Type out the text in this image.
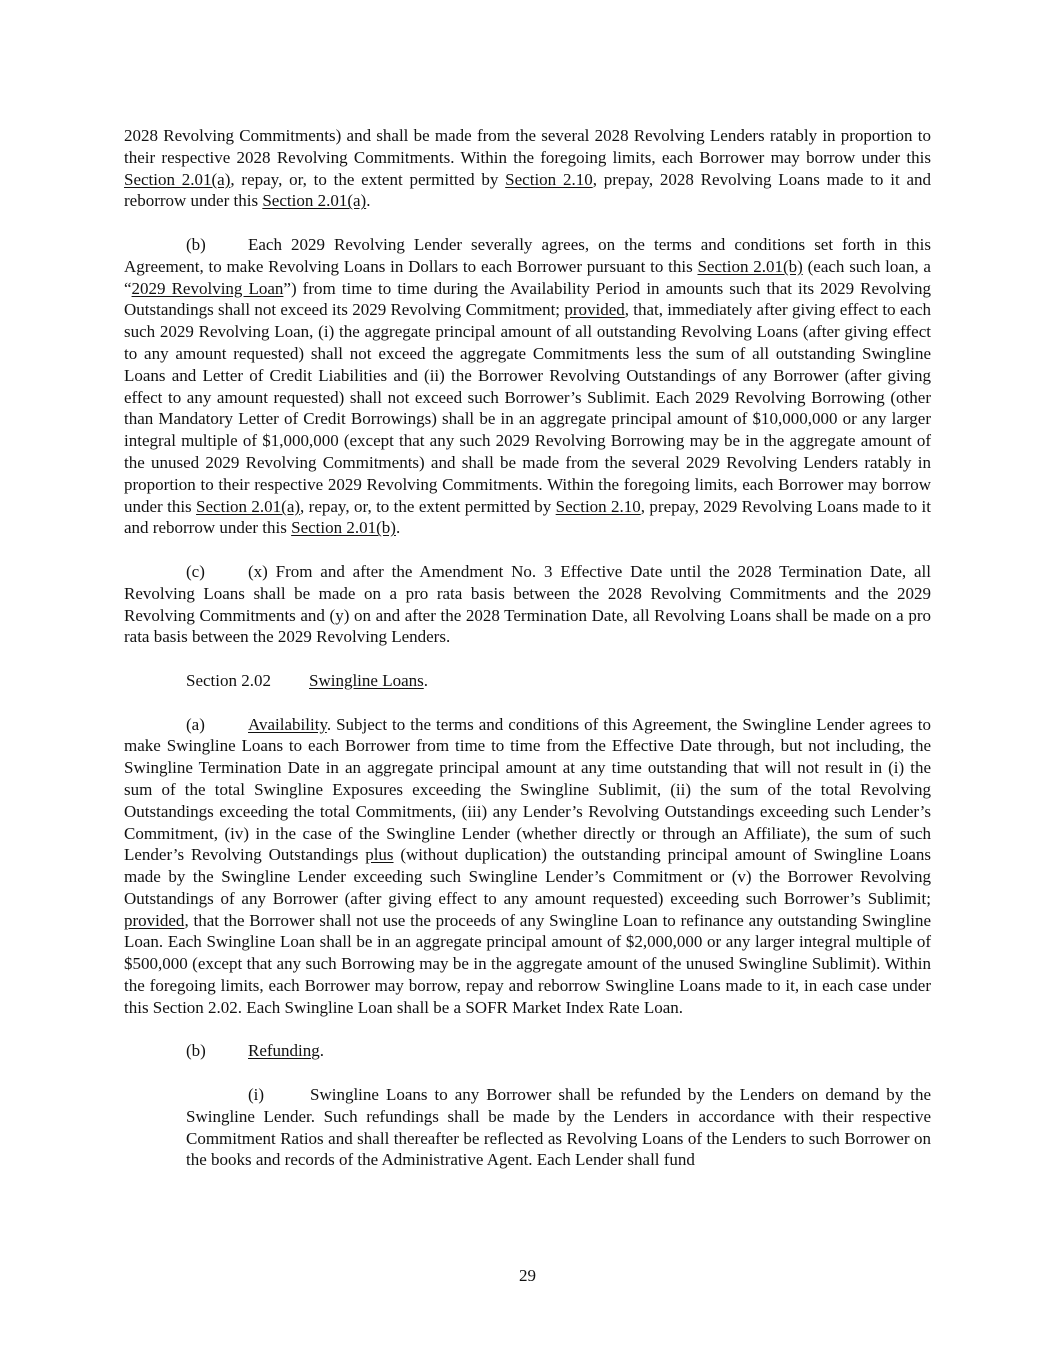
2028 Revolving Commitments) and shall be made from the several 2028 Revolving Lenders ratably in proportion to their respective 2028 Revolving Commitments. Within the foregoing limits, each Borrower may borrow under this Section 2.01(a), repay, or, to the extent permitted by Section 2.10, prepay, 2028 Revolving Loans made to it and reborrow under this Section 2.01(a).

(b) Each 2029 Revolving Lender severally agrees, on the terms and conditions set forth in this Agreement, to make Revolving Loans in Dollars to each Borrower pursuant to this Section 2.01(b) (each such loan, a “2029 Revolving Loan”) from time to time during the Availability Period in amounts such that its 2029 Revolving Outstandings shall not exceed its 2029 Revolving Commitment; provided, that, immediately after giving effect to each such 2029 Revolving Loan, (i) the aggregate principal amount of all outstanding Revolving Loans (after giving effect to any amount requested) shall not exceed the aggregate Commitments less the sum of all outstanding Swingline Loans and Letter of Credit Liabilities and (ii) the Borrower Revolving Outstandings of any Borrower (after giving effect to any amount requested) shall not exceed such Borrower’s Sublimit. Each 2029 Revolving Borrowing (other than Mandatory Letter of Credit Borrowings) shall be in an aggregate principal amount of $10,000,000 or any larger integral multiple of $1,000,000 (except that any such 2029 Revolving Borrowing may be in the aggregate amount of the unused 2029 Revolving Commitments) and shall be made from the several 2029 Revolving Lenders ratably in proportion to their respective 2029 Revolving Commitments. Within the foregoing limits, each Borrower may borrow under this Section 2.01(a), repay, or, to the extent permitted by Section 2.10, prepay, 2029 Revolving Loans made to it and reborrow under this Section 2.01(b).

(c)	(x) From and after the Amendment No. 3 Effective Date until the 2028 Termination Date, all Revolving Loans shall be made on a pro rata basis between the 2028 Revolving Commitments and the 2029 Revolving Commitments and (y) on and after the 2028 Termination Date, all Revolving Loans shall be made on a pro rata basis between the 2029 Revolving Lenders.

Section 2.02 Swingline Loans.

(a)	Availability. Subject to the terms and conditions of this Agreement, the Swingline Lender agrees to make Swingline Loans to each Borrower from time to time from the Effective Date through, but not including, the Swingline Termination Date in an aggregate principal amount at any time outstanding that will not result in (i) the sum of the total Swingline Exposures exceeding the Swingline Sublimit, (ii) the sum of the total Revolving Outstandings exceeding the total Commitments, (iii) any Lender’s Revolving Outstandings exceeding such Lender’s Commitment, (iv) in the case of the Swingline Lender (whether directly or through an Affiliate), the sum of such Lender’s Revolving Outstandings plus (without duplication) the outstanding principal amount of Swingline Loans made by the Swingline Lender exceeding such Swingline Lender’s Commitment or (v) the Borrower Revolving Outstandings of any Borrower (after giving effect to any amount requested) exceeding such Borrower’s Sublimit; provided, that the Borrower shall not use the proceeds of any Swingline Loan to refinance any outstanding Swingline Loan. Each Swingline Loan shall be in an aggregate principal amount of $2,000,000 or any larger integral multiple of $500,000 (except that any such Borrowing may be in the aggregate amount of the unused Swingline Sublimit). Within the foregoing limits, each Borrower may borrow, repay and reborrow Swingline Loans made to it, in each case under this Section 2.02. Each Swingline Loan shall be a SOFR Market Index Rate Loan.

(b) Refunding.

(i)	Swingline Loans to any Borrower shall be refunded by the Lenders on demand by the Swingline Lender. Such refundings shall be made by the Lenders in accordance with their respective Commitment Ratios and shall thereafter be reflected as Revolving Loans of the Lenders to such Borrower on the books and records of the Administrative Agent. Each Lender shall fund

29
